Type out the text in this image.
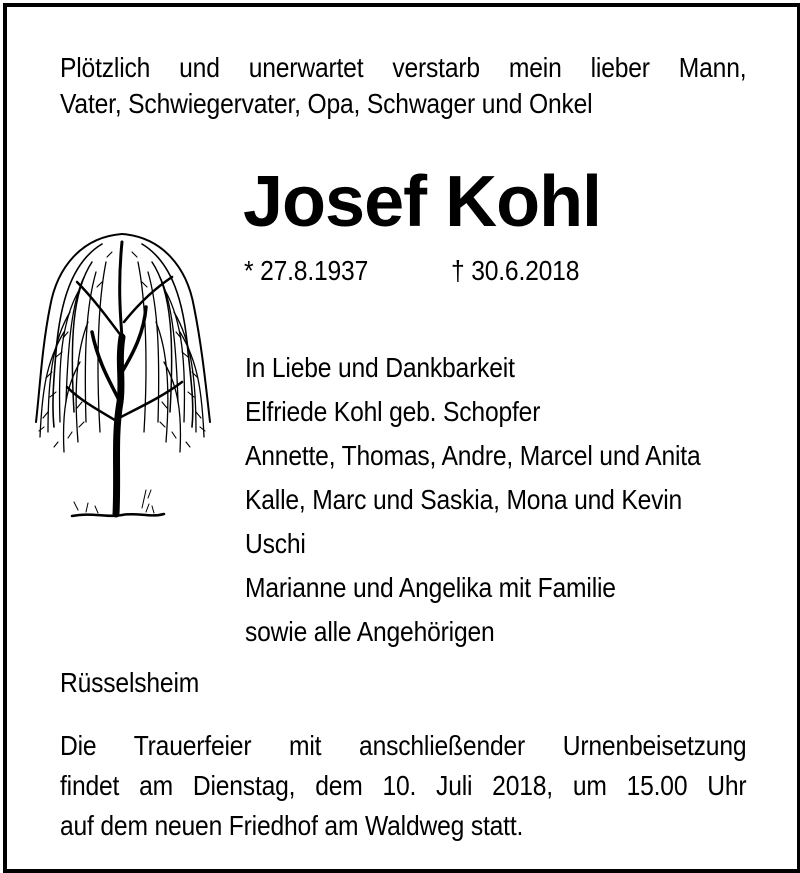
Plötzlich und unerwartet verstarb mein lieber Mann,
Vater, Schwiegervater, Opa, Schwager und Onkel
Josef Kohl
* 27.8.1937	† 30.6.2018
In Liebe und Dankbarkeit
Elfriede Kohl geb. Schopfer
Annette, Thomas, Andre, Marcel und Anita
Kalle, Marc und Saskia, Mona und Kevin
Uschi
Marianne und Angelika mit Familie
sowie alle Angehörigen
Rüsselsheim
Die Trauerfeier mit anschließender Urnenbeisetzung
findet am Dienstag, dem 10. Juli 2018, um 15.00 Uhr
auf dem neuen Friedhof am Waldweg statt.
